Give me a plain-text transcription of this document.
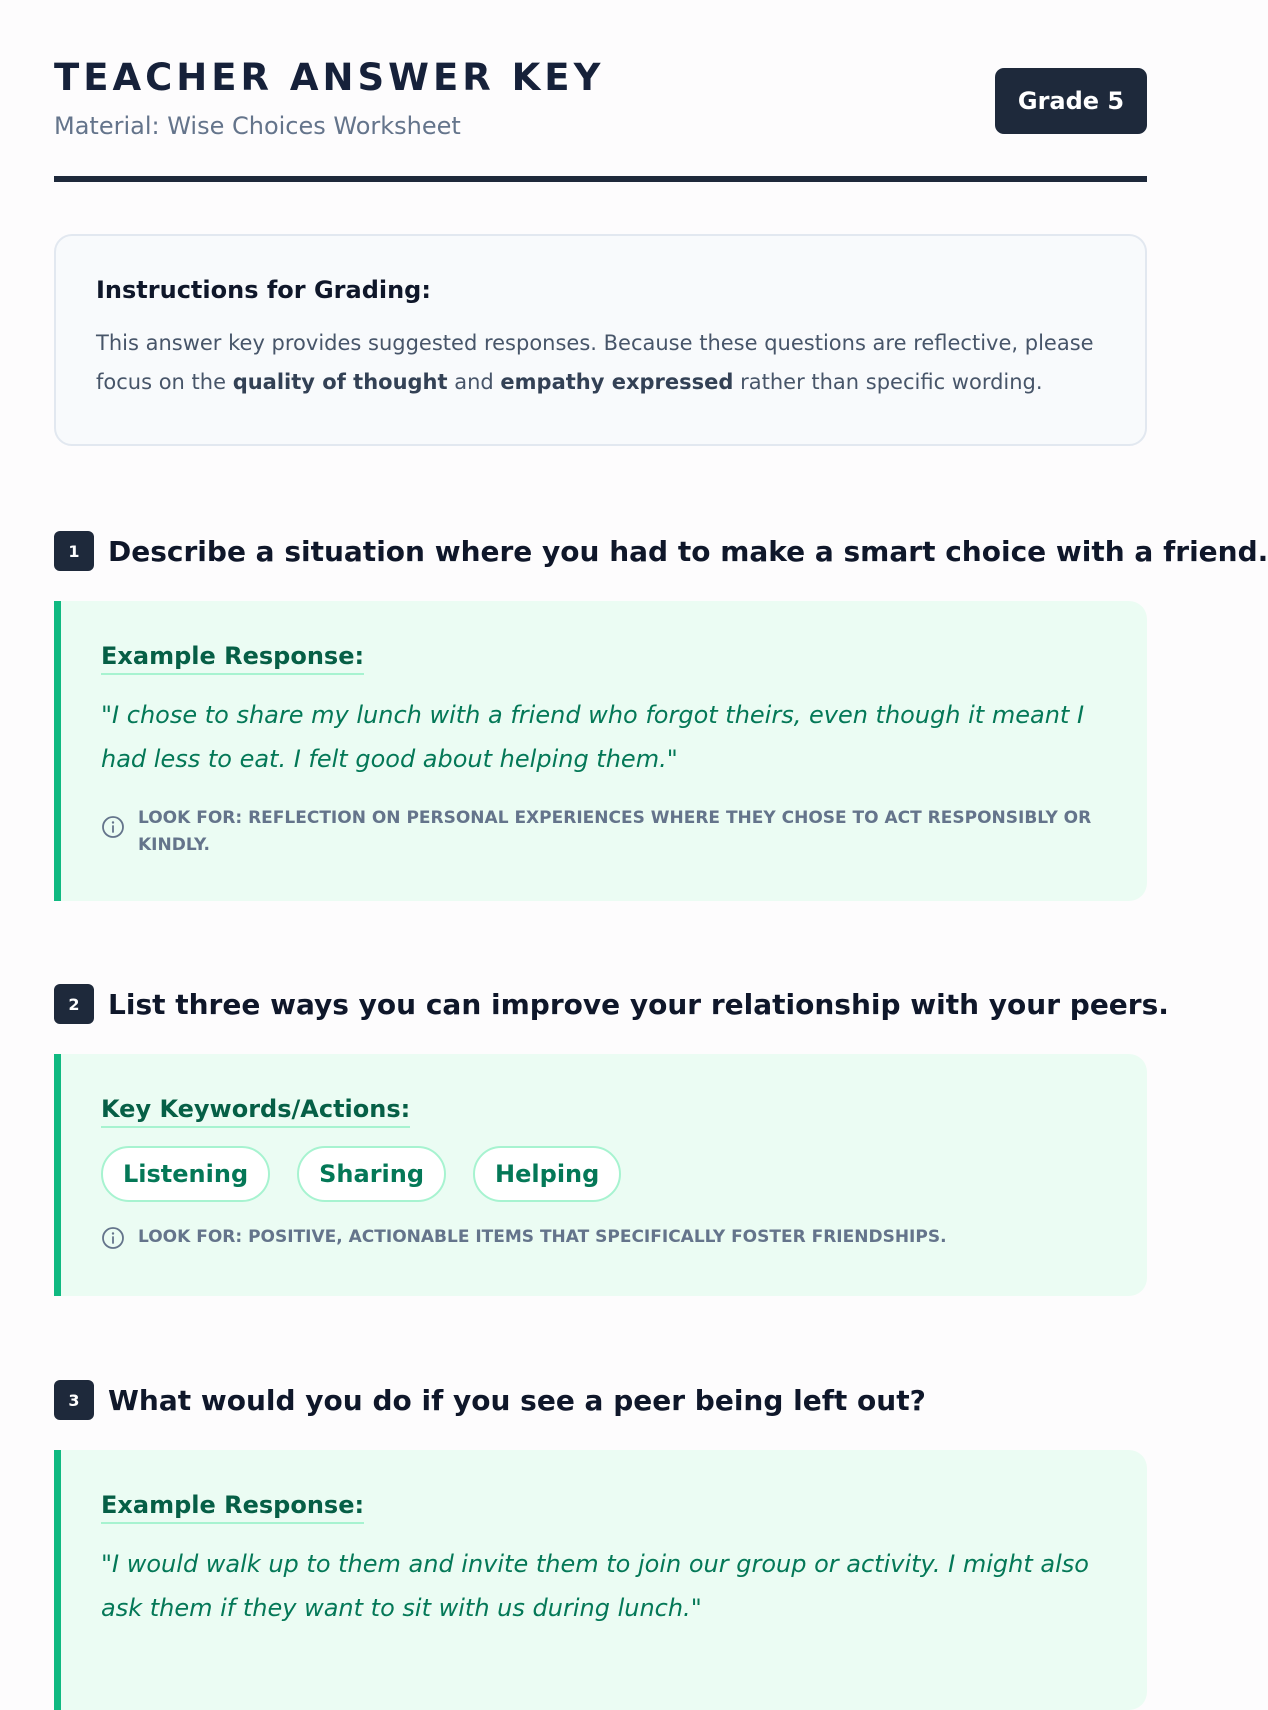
TEACHER ANSWER KEY
Material: Wise Choices Worksheet
Grade 5
Instructions for Grading:
This answer key provides suggested responses. Because these questions are reflective, please focus on the quality of thought and empathy expressed rather than specific wording.
1	Describe a situation where you had to make a smart choice with a friend.
Example Response:
"I chose to share my lunch with a friend who forgot theirs, even though it meant I had less to eat. I felt good about helping them."
LOOK FOR: REFLECTION ON PERSONAL EXPERIENCES WHERE THEY CHOSE TO ACT RESPONSIBLY OR KINDLY.
2	List three ways you can improve your relationship with your peers.
Key Keywords/Actions:
Listening	Sharing	Helping
LOOK FOR: POSITIVE, ACTIONABLE ITEMS THAT SPECIFICALLY FOSTER FRIENDSHIPS.
3	What would you do if you see a peer being left out?
Example Response:
"I would walk up to them and invite them to join our group or activity. I might also ask them if they want to sit with us during lunch."
